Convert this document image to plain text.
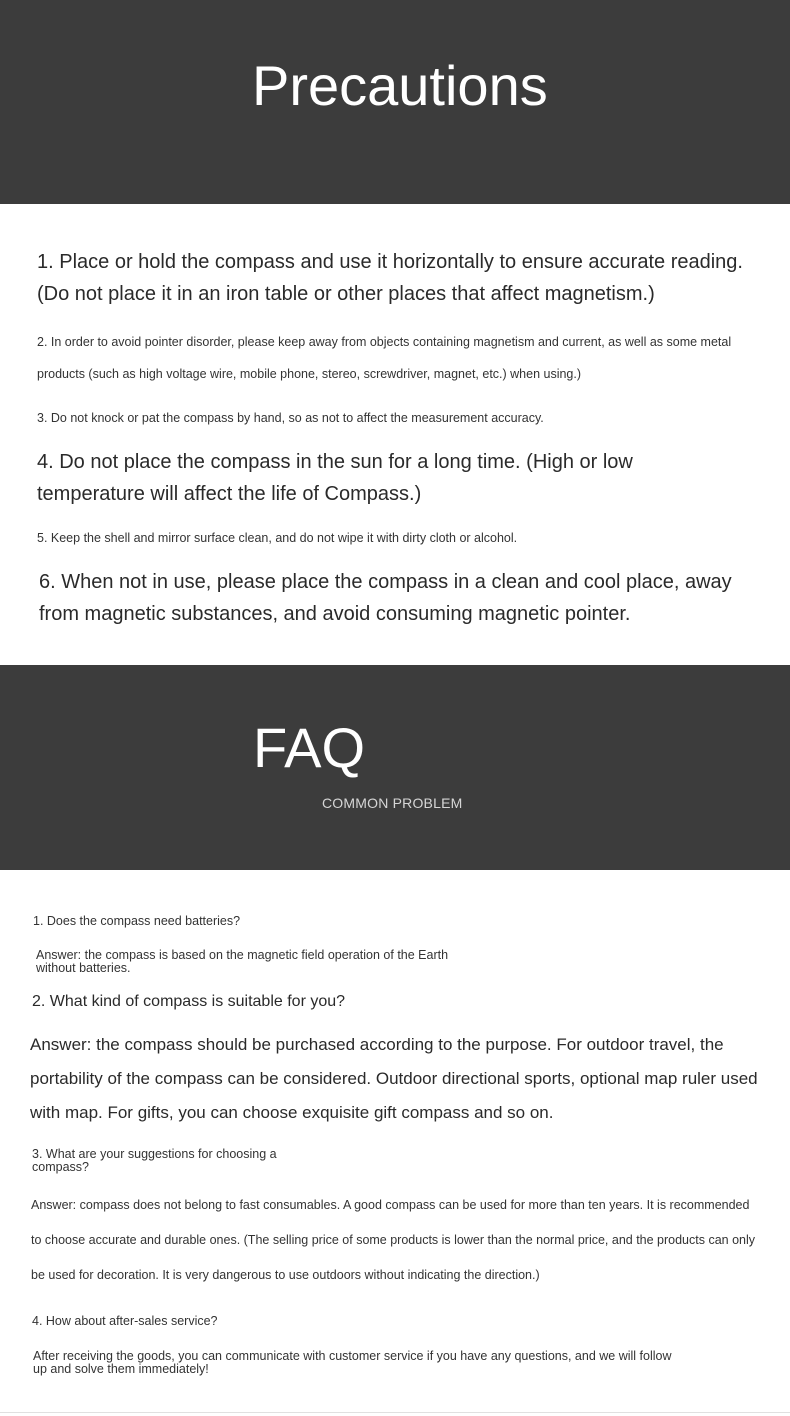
Precautions

1. Place or hold the compass and use it horizontally to ensure accurate reading. (Do not place it in an iron table or other places that affect magnetism.)

2. In order to avoid pointer disorder, please keep away from objects containing magnetism and current, as well as some metal products (such as high voltage wire, mobile phone, stereo, screwdriver, magnet, etc.) when using.)

3. Do not knock or pat the compass by hand, so as not to affect the measurement accuracy.

4. Do not place the compass in the sun for a long time. (High or low temperature will affect the life of Compass.)

5. Keep the shell and mirror surface clean, and do not wipe it with dirty cloth or alcohol.

6. When not in use, please place the compass in a clean and cool place, away from magnetic substances, and avoid consuming magnetic pointer.

FAQ
COMMON PROBLEM

1. Does the compass need batteries?

Answer: the compass is based on the magnetic field operation of the Earth without batteries.

2. What kind of compass is suitable for you?

Answer: the compass should be purchased according to the purpose. For outdoor travel, the portability of the compass can be considered. Outdoor directional sports, optional map ruler used with map. For gifts, you can choose exquisite gift compass and so on.

3. What are your suggestions for choosing a compass?

Answer: compass does not belong to fast consumables. A good compass can be used for more than ten years. It is recommended to choose accurate and durable ones. (The selling price of some products is lower than the normal price, and the products can only be used for decoration. It is very dangerous to use outdoors without indicating the direction.)

4. How about after-sales service?

After receiving the goods, you can communicate with customer service if you have any questions, and we will follow up and solve them immediately!
